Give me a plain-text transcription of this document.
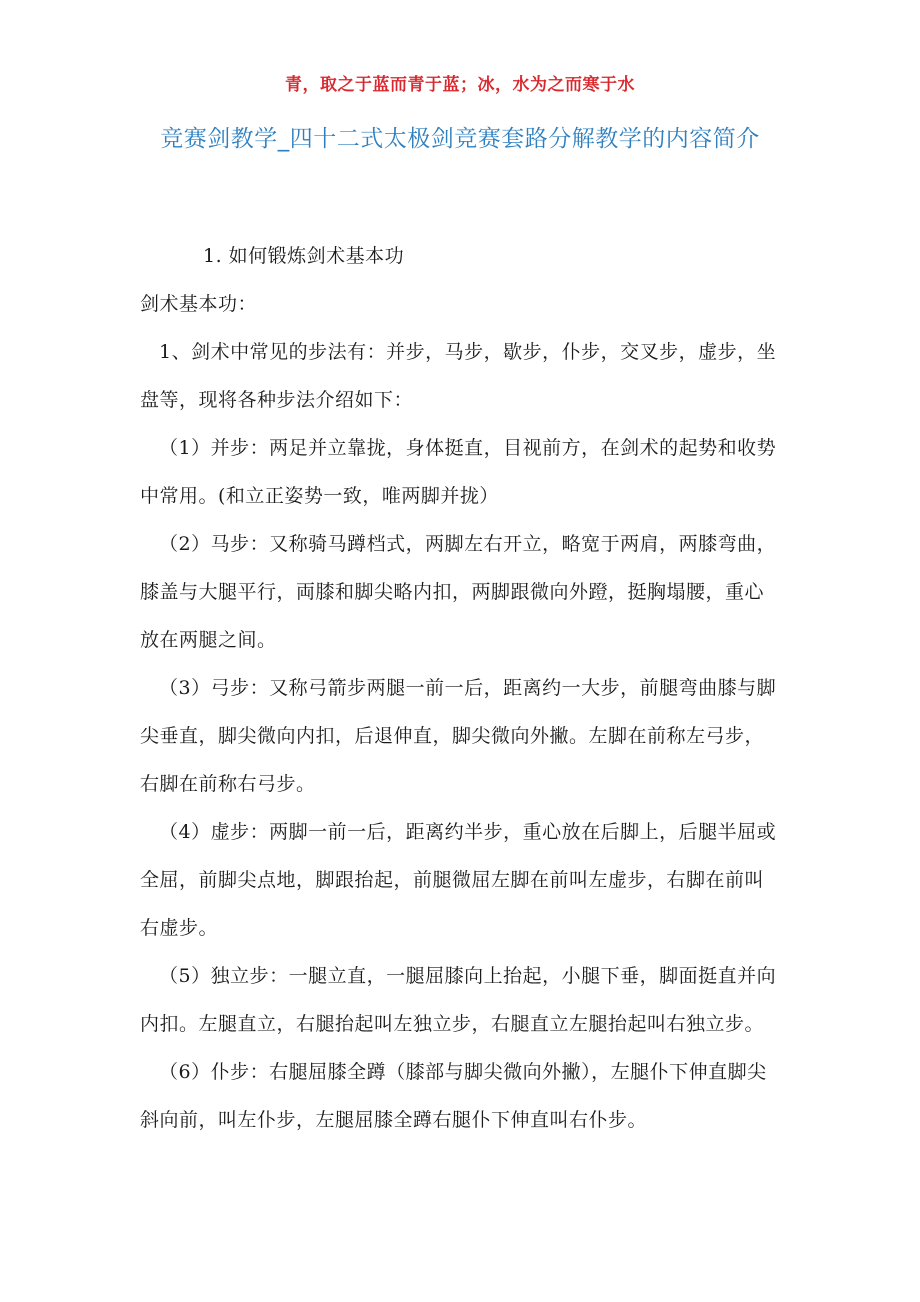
青，取之于蓝而青于蓝；冰，水为之而寒于水
竞赛剑教学_四十二式太极剑竞赛套路分解教学的内容简介

1. 如何锻炼剑术基本功

剑术基本功：

1、剑术中常见的步法有：并步，马步，歇步，仆步，交叉步，虚步，坐盘等，现将各种步法介绍如下：

（1）并步：两足并立靠拢，身体挺直，目视前方，在剑术的起势和收势中常用。(和立正姿势一致，唯两脚并拢）

（2）马步：又称骑马蹲档式，两脚左右开立，略宽于两肩，两膝弯曲，膝盖与大腿平行，両膝和脚尖略内扣，两脚跟微向外蹬，挺胸塌腰，重心放在两腿之间。

（3）弓步：又称弓箭步两腿一前一后，距离约一大步，前腿弯曲膝与脚尖垂直，脚尖微向内扣，后退伸直，脚尖微向外撇。左脚在前称左弓步，右脚在前称右弓步。

（4）虚步：两脚一前一后，距离约半步，重心放在后脚上，后腿半屈或全屈，前脚尖点地，脚跟抬起，前腿微屈左脚在前叫左虚步，右脚在前叫右虚步。

（5）独立步：一腿立直，一腿屈膝向上抬起，小腿下垂，脚面挺直并向内扣。左腿直立，右腿抬起叫左独立步，右腿直立左腿抬起叫右独立步。

（6）仆步：右腿屈膝全蹲（膝部与脚尖微向外撇），左腿仆下伸直脚尖斜向前，叫左仆步，左腿屈膝全蹲右腿仆下伸直叫右仆步。
